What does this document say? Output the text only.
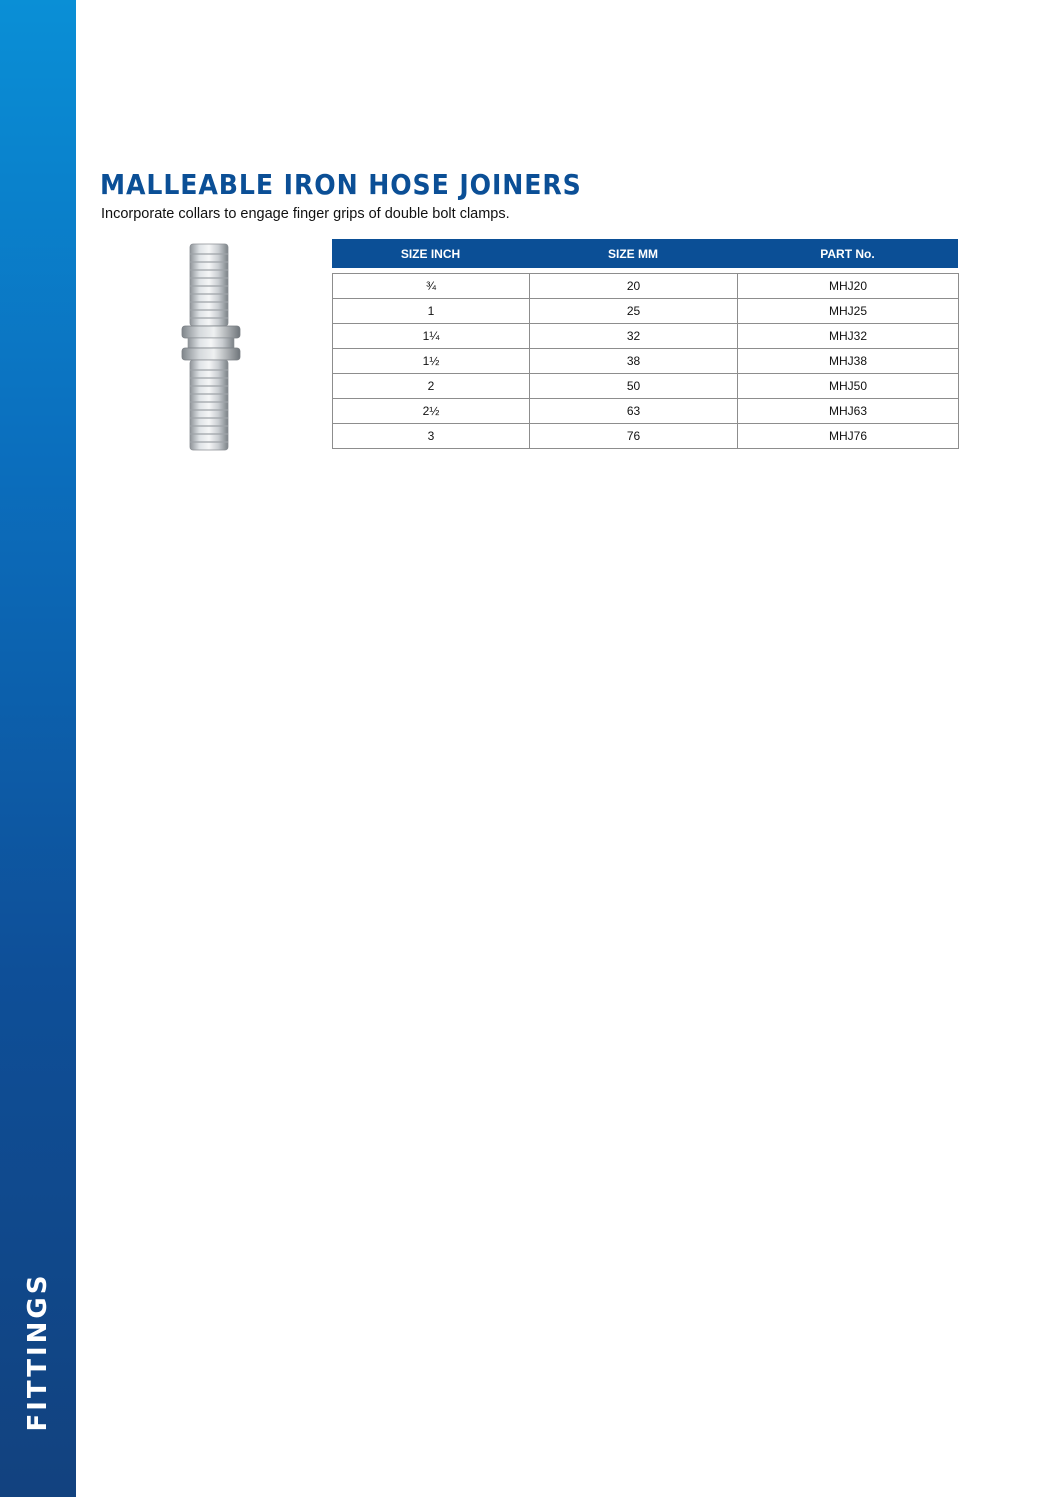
FITTINGS
MALLEABLE IRON HOSE JOINERS
Incorporate collars to engage finger grips of double bolt clamps.
SIZE INCH	SIZE MM	PART No.
¾	20	MHJ20
1	25	MHJ25
1¼	32	MHJ32
1½	38	MHJ38
2	50	MHJ50
2½	63	MHJ63
3	76	MHJ76
